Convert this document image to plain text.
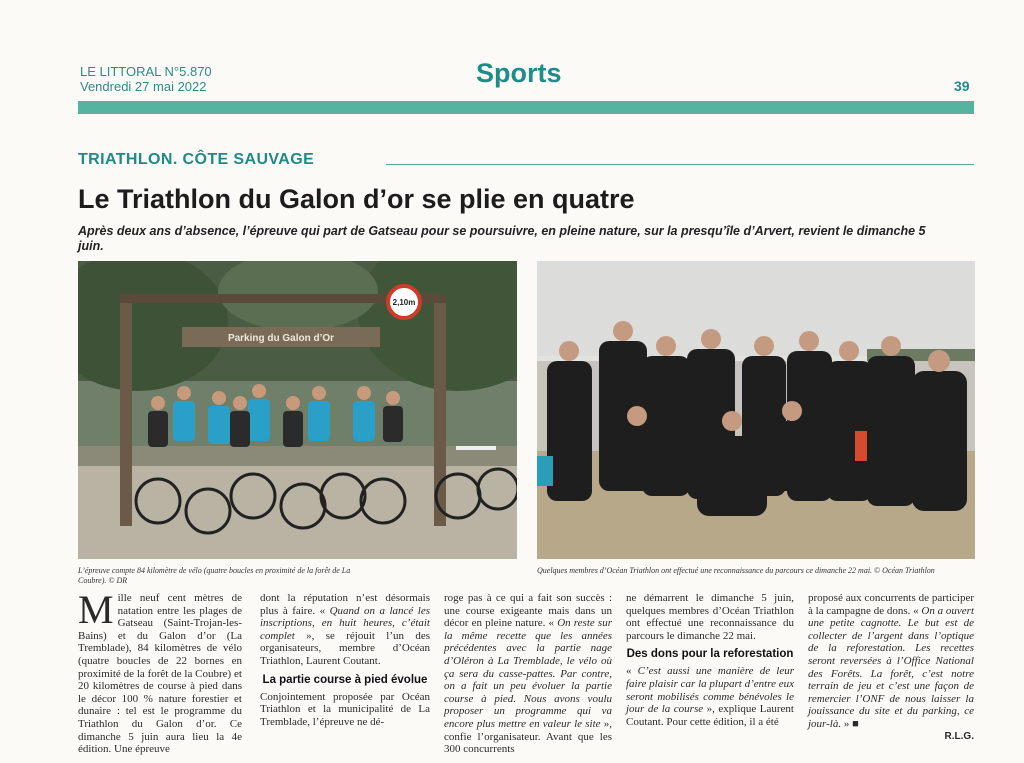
LE LITTORAL N°5.870
Vendredi 27 mai 2022	Sports	39
TRIATHLON. CÔTE SAUVAGE
Le Triathlon du Galon d’or se plie en quatre
Après deux ans d’absence, l’épreuve qui part de Gatseau pour se poursuivre, en pleine nature, sur la presqu’île d’Arvert, revient le dimanche 5 juin.
Parking du Galon d’Or
2,10m
L’épreuve compte 84 kilomètre de vélo (quatre boucles en proximité de la forêt de La Coubre). © DR
Quelques membres d’Océan Triathlon ont effectué une reconnaissance du parcours ce dimanche 22 mai. © Océan Triathlon
Mille neuf cent mètres de natation entre les plages de Gatseau (Saint-Trojan-les-Bains) et du Galon d’or (La Tremblade), 84 kilomètres de vélo (quatre boucles de 22 bornes en proximité de la forêt de la Coubre) et 20 kilomètres de course à pied dans le décor 100 % nature forestier et dunaire : tel est le programme du Triathlon du Galon d’or. Ce dimanche 5 juin aura lieu la 4e édition. Une épreuve
dont la réputation n’est désormais plus à faire. « Quand on a lancé les inscriptions, en huit heures, c’était complet », se réjouit l’un des organisateurs, membre d’Océan Triathlon, Laurent Coutant.
La partie course à pied évolue
Conjointement proposée par Océan Triathlon et la municipalité de La Tremblade, l’épreuve ne dé-
roge pas à ce qui a fait son succès : une course exigeante mais dans un décor en pleine nature. « On reste sur la même recette que les années précédentes avec la partie nage d’Oléron à La Tremblade, le vélo où ça sera du casse-pattes. Par contre, on a fait un peu évoluer la partie course à pied. Nous avons voulu proposer un programme qui va encore plus mettre en valeur le site », confie l’organisateur. Avant que les 300 concurrents
ne démarrent le dimanche 5 juin, quelques membres d’Océan Triathlon ont effectué une reconnaissance du parcours le dimanche 22 mai.
Des dons pour la reforestation
« C’est aussi une manière de leur faire plaisir car la plupart d’entre eux seront mobilisés comme bénévoles le jour de la course », explique Laurent Coutant. Pour cette édition, il a été
proposé aux concurrents de participer à la campagne de dons. « On a ouvert une petite cagnotte. Le but est de collecter de l’argent dans l’optique de la reforestation. Les recettes seront reversées à l’Office National des Forêts. La forêt, c’est notre terrain de jeu et c’est une façon de remercier l’ONF de nous laisser la jouissance du site et du parking, ce jour-là. » ■
R.L.G.
